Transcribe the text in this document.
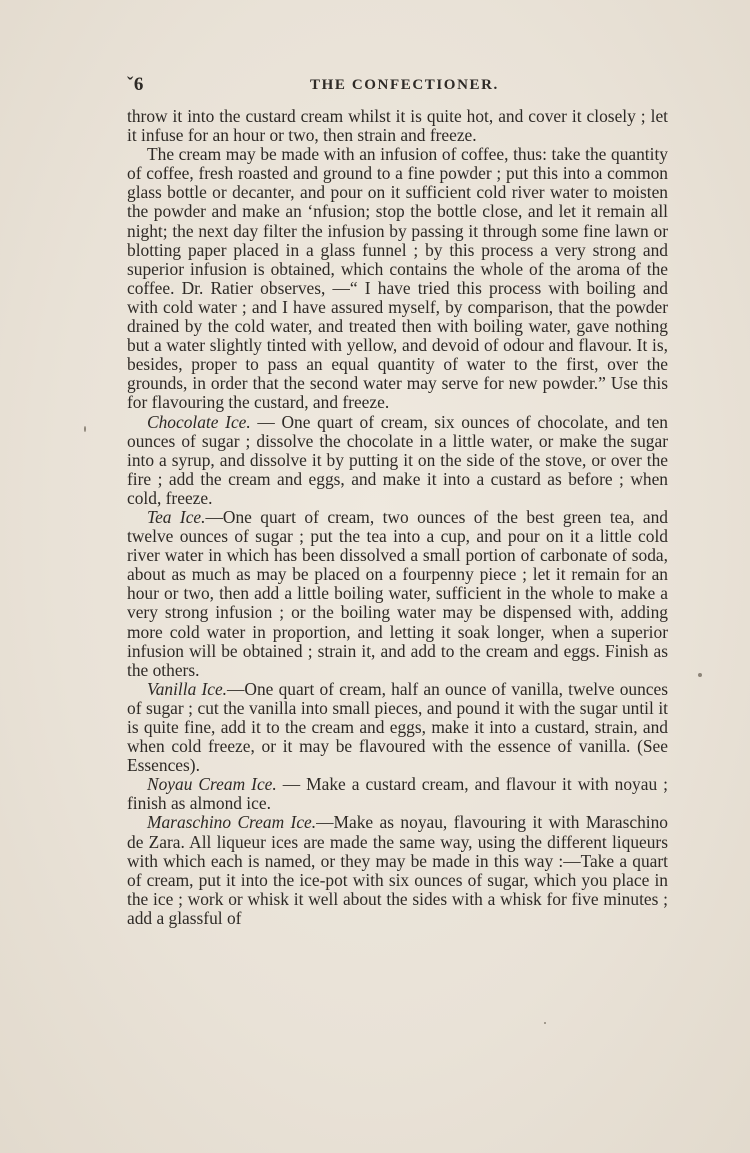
ˇ6	THE CONFECTIONER.

throw it into the custard cream whilst it is quite hot, and cover it closely ; let it infuse for an hour or two, then strain and freeze.

The cream may be made with an infusion of coffee, thus: take the quantity of coffee, fresh roasted and ground to a fine powder ; put this into a common glass bottle or decanter, and pour on it sufficient cold river water to moisten the powder and make an ʻnfusion; stop the bottle close, and let it remain all night; the next day filter the infusion by passing it through some fine lawn or blotting paper placed in a glass funnel ; by this process a very strong and superior infusion is obtained, which contains the whole of the aroma of the coffee. Dr. Ratier observes, —“ I have tried this process with boiling and with cold water ; and I have assured myself, by comparison, that the powder drained by the cold water, and treated then with boiling water, gave nothing but a water slightly tinted with yellow, and devoid of odour and flavour. It is, besides, proper to pass an equal quantity of water to the first, over the grounds, in order that the second water may serve for new powder.” Use this for flavouring the custard, and freeze.

Chocolate Ice. — One quart of cream, six ounces of chocolate, and ten ounces of sugar ; dissolve the chocolate in a little water, or make the sugar into a syrup, and dissolve it by putting it on the side of the stove, or over the fire ; add the cream and eggs, and make it into a custard as before ; when cold, freeze.

Tea Ice.—One quart of cream, two ounces of the best green tea, and twelve ounces of sugar ; put the tea into a cup, and pour on it a little cold river water in which has been dissolved a small portion of carbonate of soda, about as much as may be placed on a fourpenny piece ; let it remain for an hour or two, then add a little boiling water, sufficient in the whole to make a very strong infusion ; or the boiling water may be dispensed with, adding more cold water in proportion, and letting it soak longer, when a superior infusion will be obtained ; strain it, and add to the cream and eggs. Finish as the others.

Vanilla Ice.—One quart of cream, half an ounce of vanilla, twelve ounces of sugar ; cut the vanilla into small pieces, and pound it with the sugar until it is quite fine, add it to the cream and eggs, make it into a custard, strain, and when cold freeze, or it may be flavoured with the essence of vanilla. (See Essences).

Noyau Cream Ice. — Make a custard cream, and flavour it with noyau ; finish as almond ice.

Maraschino Cream Ice.—Make as noyau, flavouring it with Maraschino de Zara. All liqueur ices are made the same way, using the different liqueurs with which each is named, or they may be made in this way :—Take a quart of cream, put it into the ice-pot with six ounces of sugar, which you place in the ice ; work or whisk it well about the sides with a whisk for five minutes ; add a glassful of
